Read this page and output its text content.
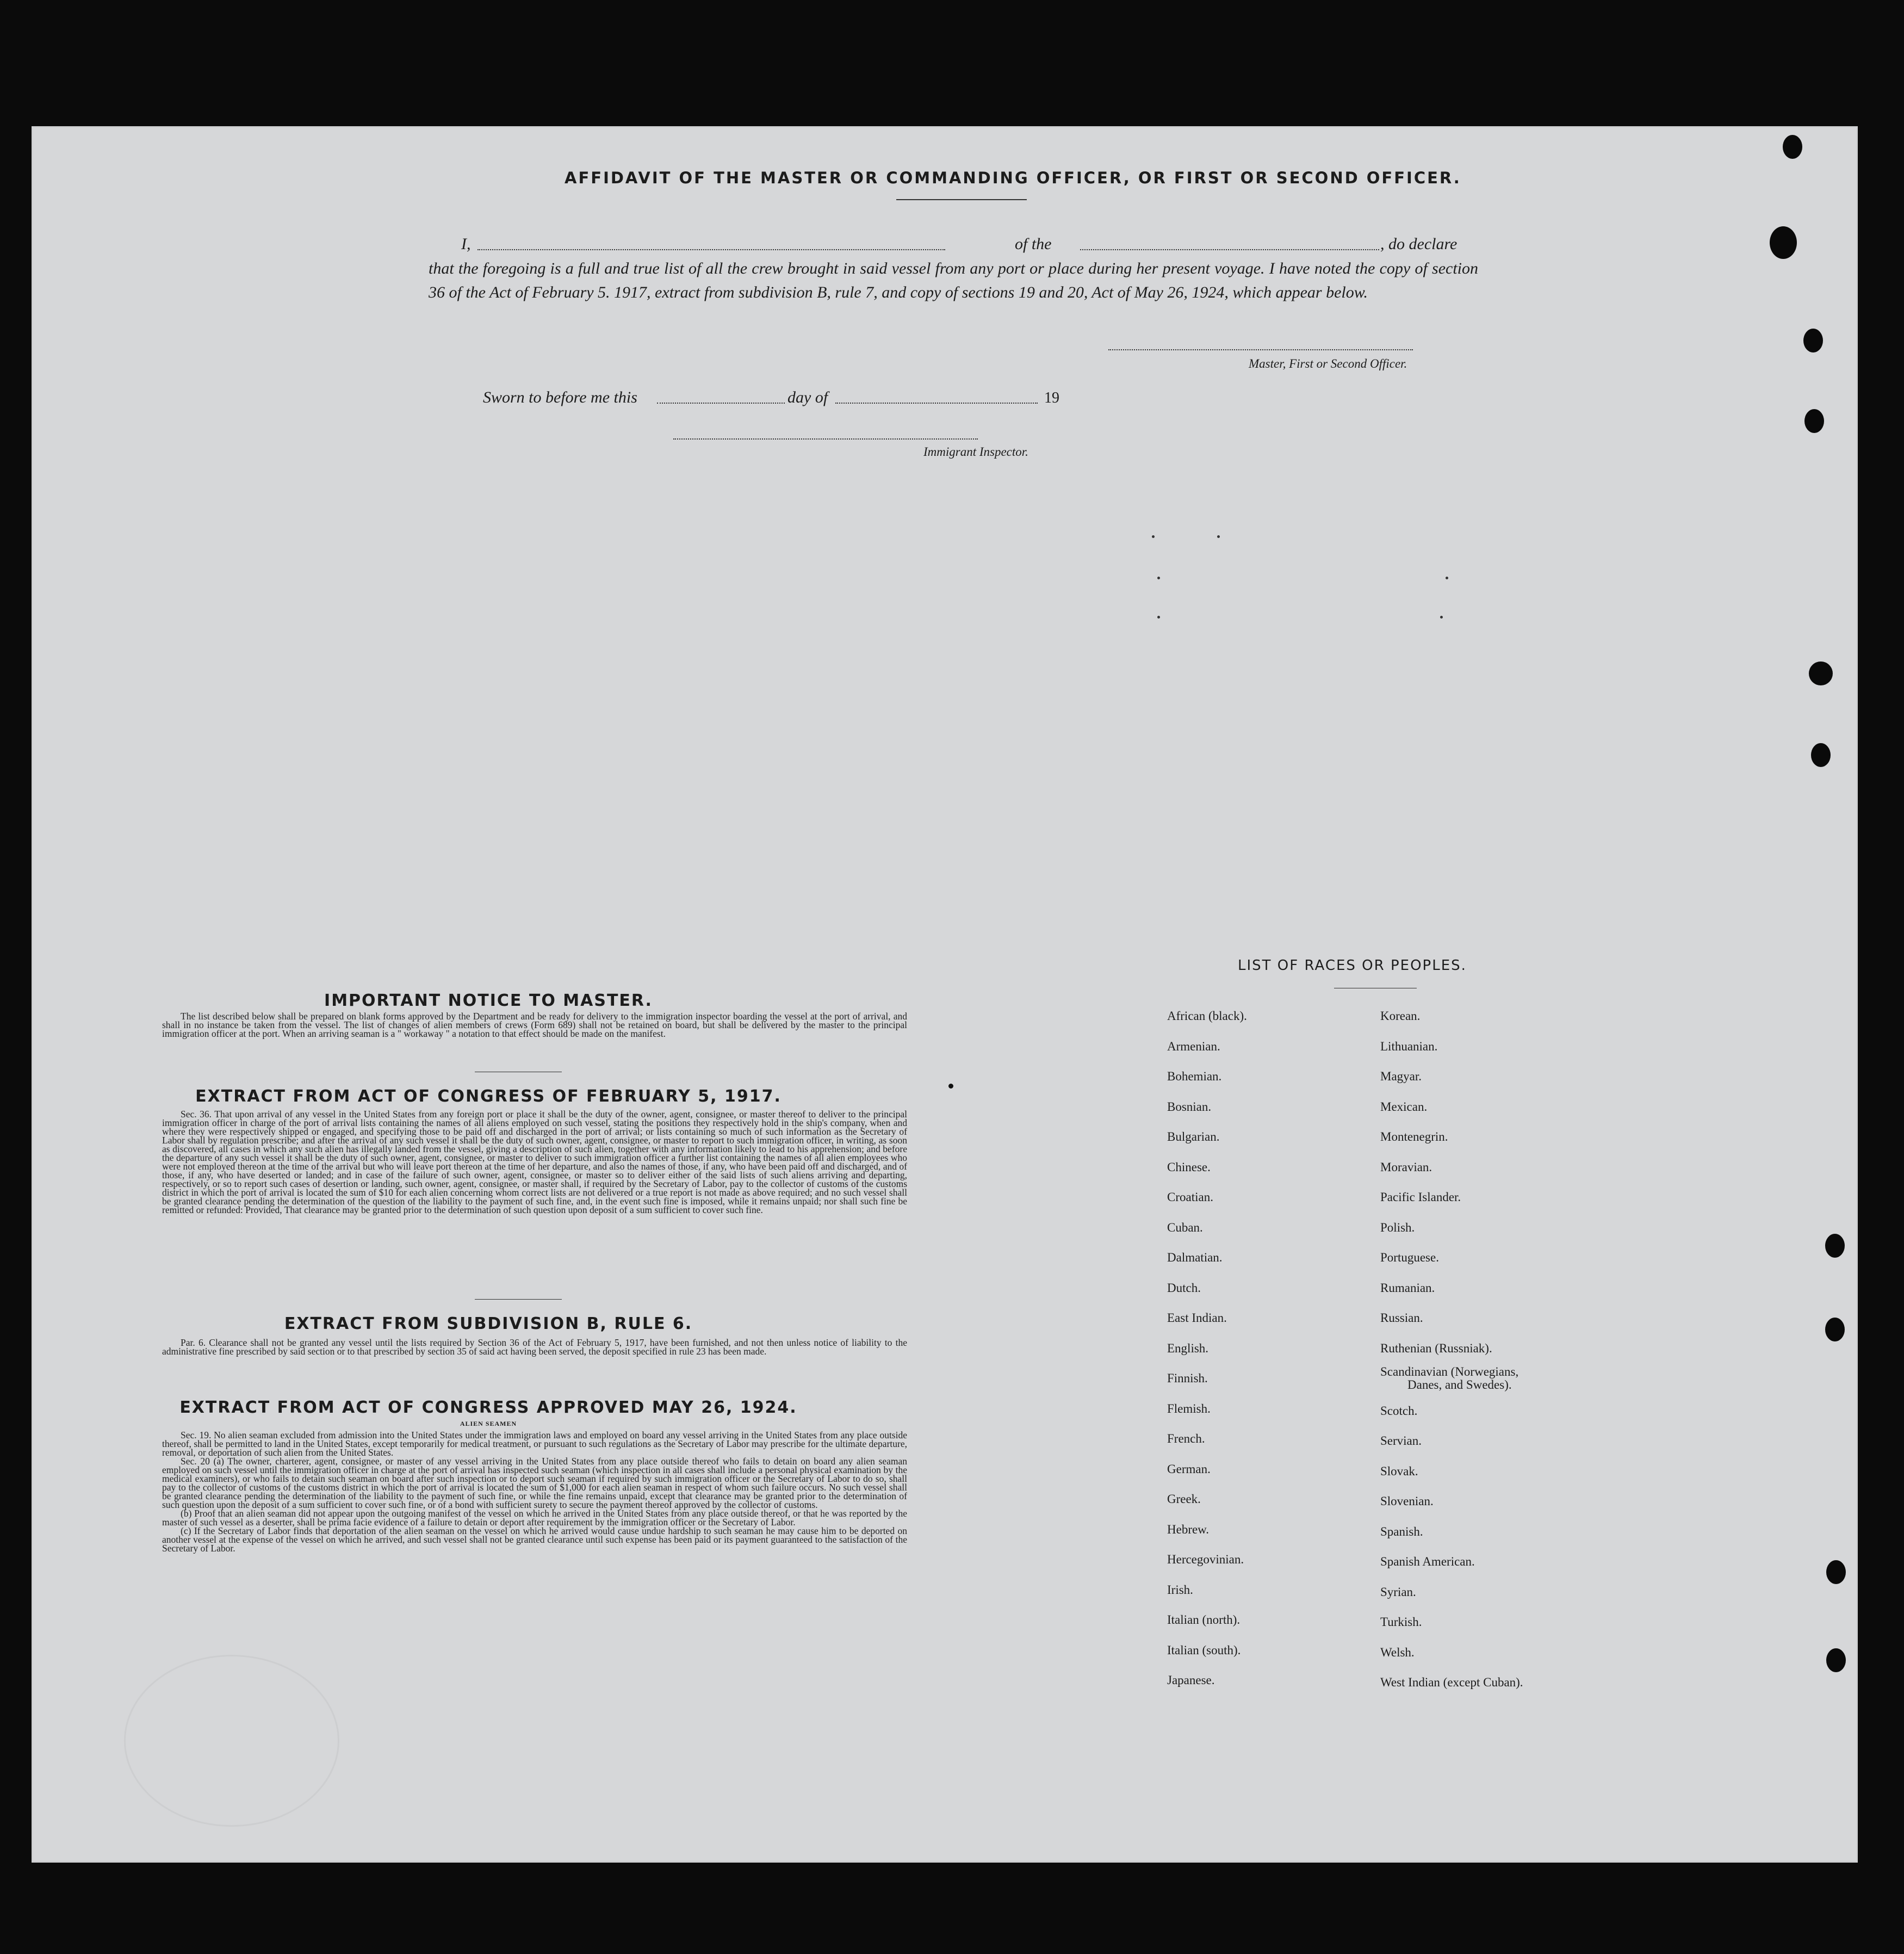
AFFIDAVIT OF THE MASTER OR COMMANDING OFFICER, OR FIRST OR SECOND OFFICER.
I,	of the	, do declare
that the foregoing is a full and true list of all the crew brought in said vessel from any port or place during her present voyage. I have noted the copy of section 36 of the Act of February 5. 1917, extract from subdivision B, rule 7, and copy of sections 19 and 20, Act of May 26, 1924, which appear below.
Master, First or Second Officer.
Sworn to before me this	day of	19
Immigrant Inspector.
IMPORTANT NOTICE TO MASTER.

The list described below shall be prepared on blank forms approved by the Department and be ready for delivery to the immigration inspector boarding the vessel at the port of arrival, and shall in no instance be taken from the vessel. The list of changes of alien members of crews (Form 689) shall not be retained on board, but shall be delivered by the master to the principal immigration officer at the port. When an arriving seaman is a " workaway " a notation to that effect should be made on the manifest.

EXTRACT FROM ACT OF CONGRESS OF FEBRUARY 5, 1917.

Sec. 36. That upon arrival of any vessel in the United States from any foreign port or place it shall be the duty of the owner, agent, consignee, or master thereof to deliver to the principal immigration officer in charge of the port of arrival lists containing the names of all aliens employed on such vessel, stating the positions they respectively hold in the ship's company, when and where they were respectively shipped or engaged, and specifying those to be paid off and discharged in the port of arrival; or lists containing so much of such information as the Secretary of Labor shall by regulation prescribe; and after the arrival of any such vessel it shall be the duty of such owner, agent, consignee, or master to report to such immigration officer, in writing, as soon as discovered, all cases in which any such alien has illegally landed from the vessel, giving a description of such alien, together with any information likely to lead to his apprehension; and before the departure of any such vessel it shall be the duty of such owner, agent, consignee, or master to deliver to such immigration officer a further list containing the names of all alien employees who were not employed thereon at the time of the arrival but who will leave port thereon at the time of her departure, and also the names of those, if any, who have been paid off and discharged, and of those, if any, who have deserted or landed; and in case of the failure of such owner, agent, consignee, or master so to deliver either of the said lists of such aliens arriving and departing, respectively, or so to report such cases of desertion or landing, such owner, agent, consignee, or master shall, if required by the Secretary of Labor, pay to the collector of customs of the customs district in which the port of arrival is located the sum of $10 for each alien concerning whom correct lists are not delivered or a true report is not made as above required; and no such vessel shall be granted clearance pending the determination of the question of the liability to the payment of such fine, and, in the event such fine is imposed, while it remains unpaid; nor shall such fine be remitted or refunded: Provided, That clearance may be granted prior to the determination of such question upon deposit of a sum sufficient to cover such fine.

EXTRACT FROM SUBDIVISION B, RULE 6.

Par. 6. Clearance shall not be granted any vessel until the lists required by Section 36 of the Act of February 5, 1917, have been furnished, and not then unless notice of liability to the administrative fine prescribed by said section or to that prescribed by section 35 of said act having been served, the deposit specified in rule 23 has been made.

EXTRACT FROM ACT OF CONGRESS APPROVED MAY 26, 1924.
ALIEN SEAMEN

Sec. 19. No alien seaman excluded from admission into the United States under the immigration laws and employed on board any vessel arriving in the United States from any place outside thereof, shall be permitted to land in the United States, except temporarily for medical treatment, or pursuant to such regulations as the Secretary of Labor may prescribe for the ultimate departure, removal, or deportation of such alien from the United States.

Sec. 20 (a) The owner, charterer, agent, consignee, or master of any vessel arriving in the United States from any place outside thereof who fails to detain on board any alien seaman employed on such vessel until the immigration officer in charge at the port of arrival has inspected such seaman (which inspection in all cases shall include a personal physical examination by the medical examiners), or who fails to detain such seaman on board after such inspection or to deport such seaman if required by such immigration officer or the Secretary of Labor to do so, shall pay to the collector of customs of the customs district in which the port of arrival is located the sum of $1,000 for each alien seaman in respect of whom such failure occurs. No such vessel shall be granted clearance pending the determination of the liability to the payment of such fine, or while the fine remains unpaid, except that clearance may be granted prior to the determination of such question upon the deposit of a sum sufficient to cover such fine, or of a bond with sufficient surety to secure the payment thereof approved by the collector of customs.

(b) Proof that an alien seaman did not appear upon the outgoing manifest of the vessel on which he arrived in the United States from any place outside thereof, or that he was reported by the master of such vessel as a deserter, shall be prima facie evidence of a failure to detain or deport after requirement by the immigration officer or the Secretary of Labor.

(c) If the Secretary of Labor finds that deportation of the alien seaman on the vessel on which he arrived would cause undue hardship to such seaman he may cause him to be deported on another vessel at the expense of the vessel on which he arrived, and such vessel shall not be granted clearance until such expense has been paid or its payment guaranteed to the satisfaction of the Secretary of Labor.

LIST OF RACES OR PEOPLES.
African (black).
Armenian.
Bohemian.
Bosnian.
Bulgarian.
Chinese.
Croatian.
Cuban.
Dalmatian.
Dutch.
East Indian.
English.
Finnish.
Flemish.
French.
German.
Greek.
Hebrew.
Hercegovinian.
Irish.
Italian (north).
Italian (south).
Japanese.
Korean.
Lithuanian.
Magyar.
Mexican.
Montenegrin.
Moravian.
Pacific Islander.
Polish.
Portuguese.
Rumanian.
Russian.
Ruthenian (Russniak).
Scandinavian (Norwegians,
Danes, and Swedes).
Scotch.
Servian.
Slovak.
Slovenian.
Spanish.
Spanish American.
Syrian.
Turkish.
Welsh.
West Indian (except Cuban).
